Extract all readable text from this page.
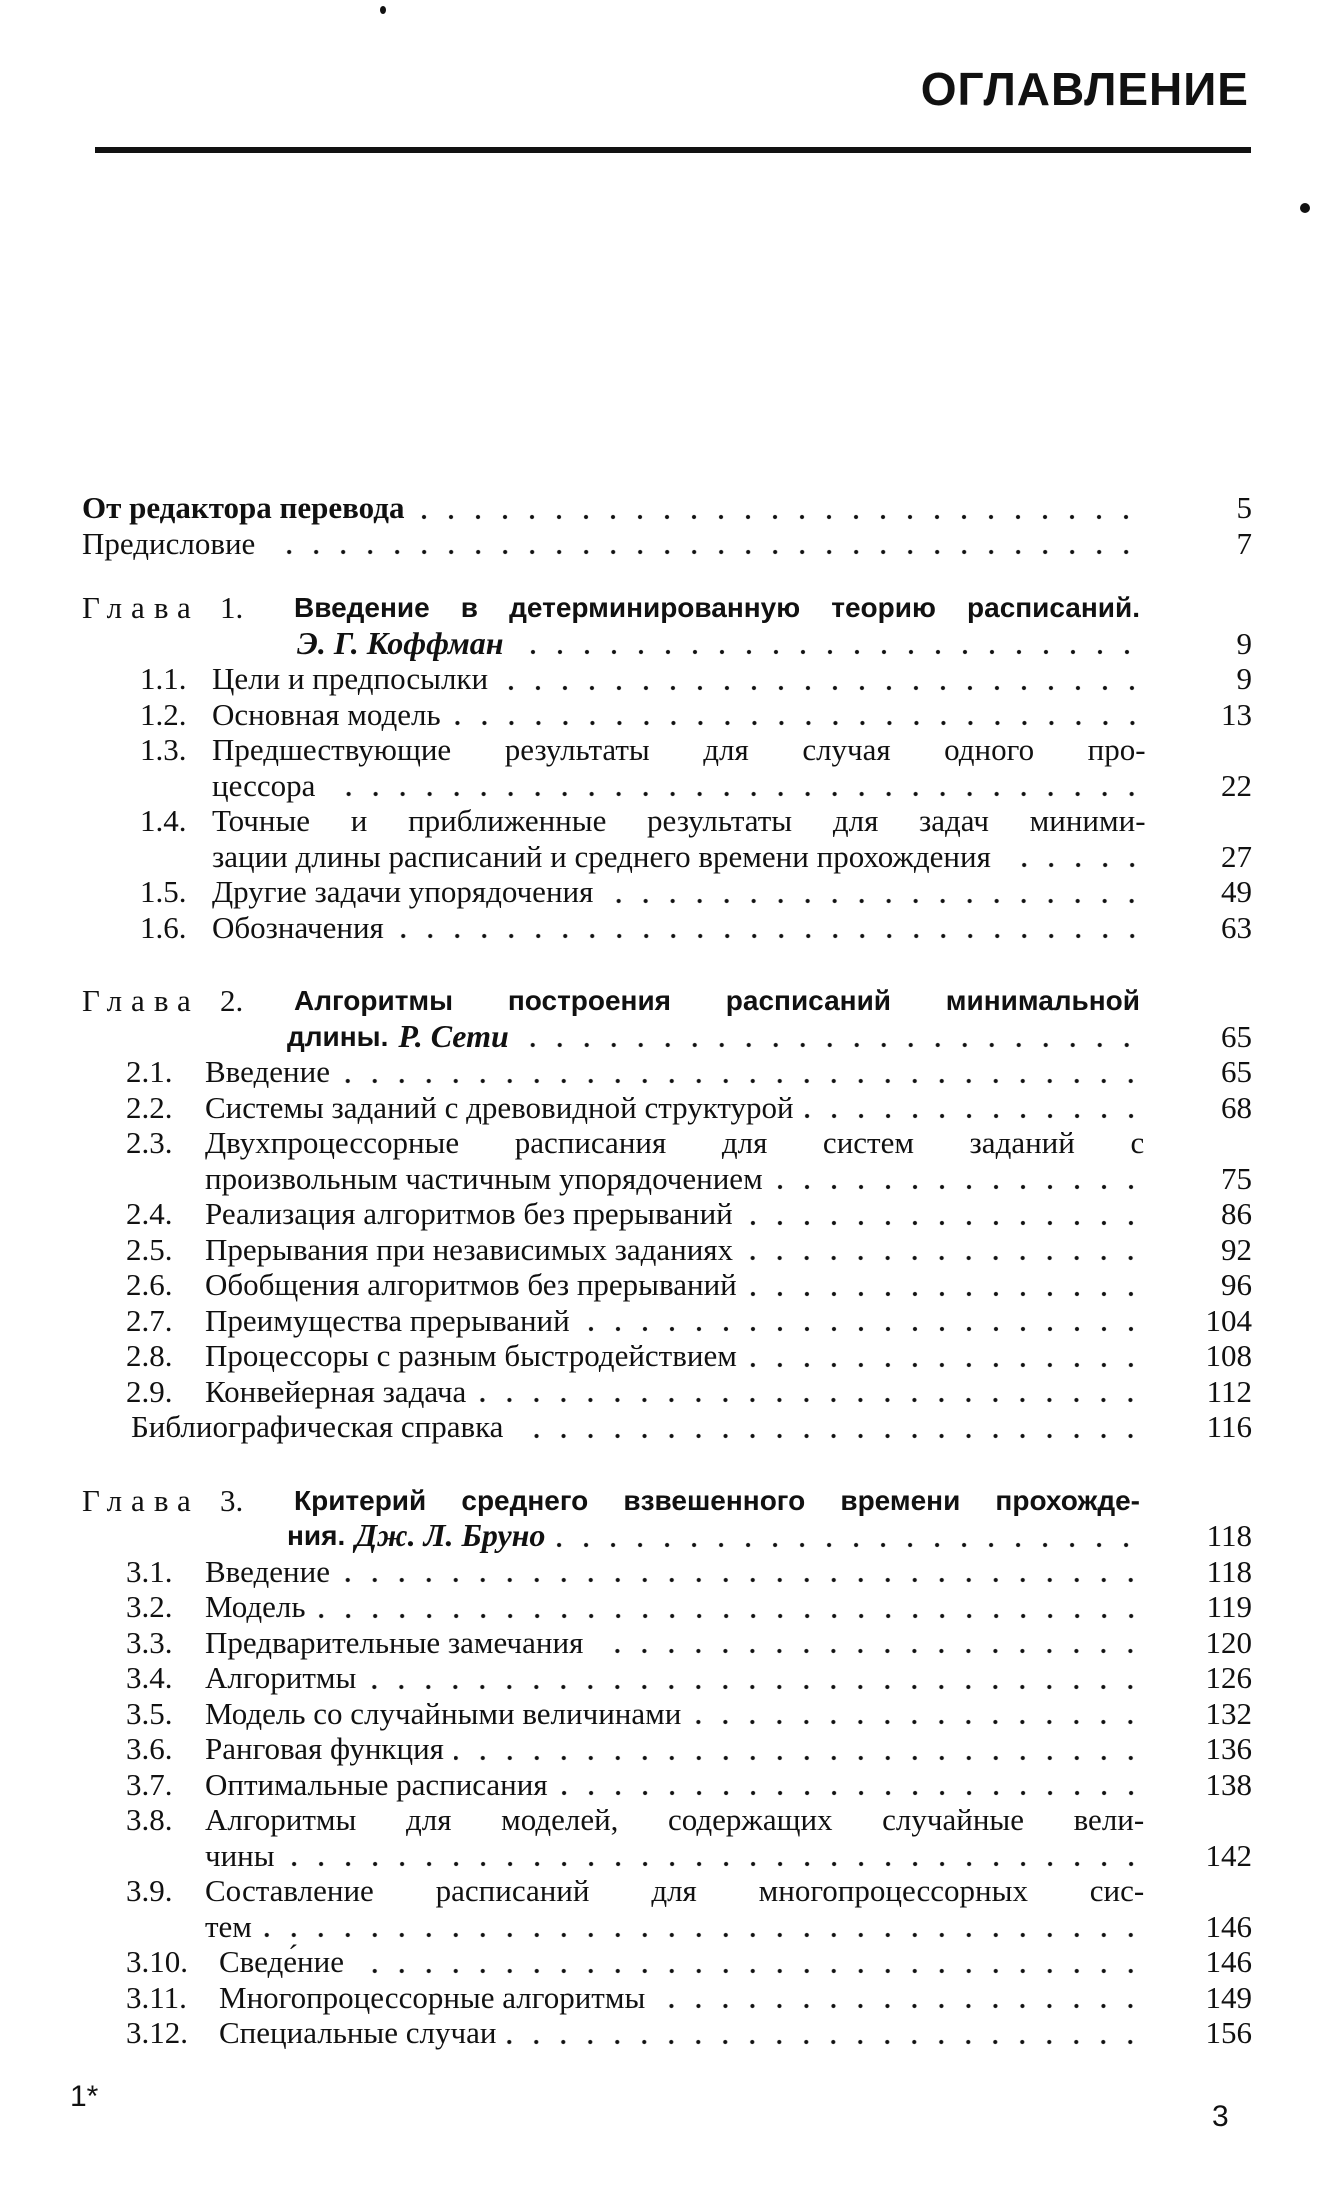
ОГЛАВЛЕНИЕ
От редактора перевода	5
Предисловие	7
Глава 1.	Введение в детерминированную теорию расписаний.
Э. Г. Коффман	9
1.1. Цели и предпосылки	9
1.2. Основная модель	13
1.3. Предшествующие результаты для случая одного про-
цессора	22
1.4. Точные и приближенные результаты для задач миними-
зации длины расписаний и среднего времени прохождения	27
1.5. Другие задачи упорядочения	49
1.6. Обозначения	63
Глава 2.	Алгоритмы построения расписаний минимальной
длины. Р. Сети	65
2.1.	Введение	65
2.2.	Системы заданий с древовидной структурой	68
2.3.	Двухпроцессорные расписания для систем заданий с
произвольным частичным упорядочением	75
2.4.	Реализация алгоритмов без прерываний	86
2.5.	Прерывания при независимых заданиях	92
2.6.	Обобщения алгоритмов без прерываний	96
2.7.	Преимущества прерываний	104
2.8.	Процессоры с разным быстродействием	108
2.9.	Конвейерная задача	112
Библиографическая справка	116
Глава 3.	Критерий среднего взвешенного времени прохожде-
ния. Дж. Л. Бруно	118
3.1.	Введение	118
3.2.	Модель	119
3.3.	Предварительные замечания	120
3.4.	Алгоритмы	126
3.5.	Модель со случайными величинами	132
3.6.	Ранговая функция	136
3.7.	Оптимальные расписания	138
3.8.	Алгоритмы для моделей, содержащих случайные вели-
чины	142
3.9.	Составление расписаний для многопроцессорных сис-
тем	146
3.10.	Сведе́ние	146
3.11.	Многопроцессорные алгоритмы	149
3.12.	Специальные случаи	156
1*
3
